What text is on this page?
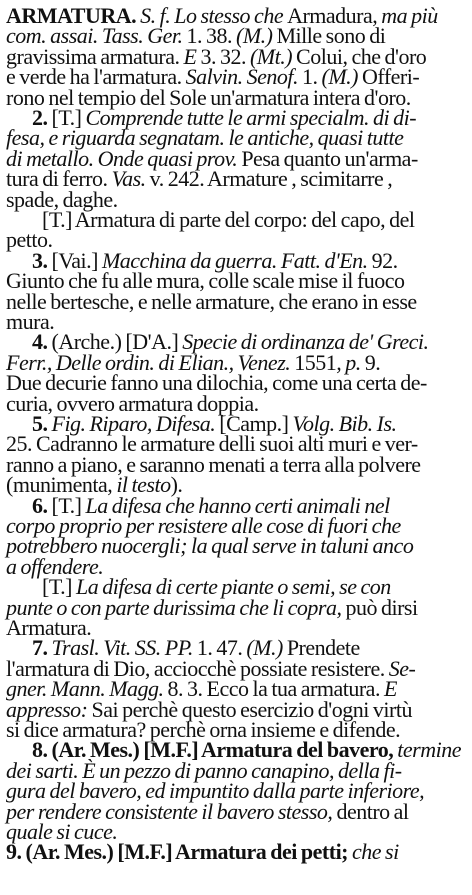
ARMATURA. S. f. Lo stesso che Armadura, ma più
com. assai. Tass. Ger. 1. 38. (M.) Mille sono di
gravissima armatura. E 3. 32. (Mt.) Colui, che d'oro
e verde ha l'armatura. Salvin. Senof. 1. (M.) Offeri-
rono nel tempio del Sole un'armatura intera d'oro.
2. [T.] Comprende tutte le armi specialm. di di-
fesa, e riguarda segnatam. le antiche, quasi tutte
di metallo. Onde quasi prov. Pesa quanto un'arma-
tura di ferro. Vas. v. 242. Armature , scimitarre ,
spade, daghe.
[T.] Armatura di parte del corpo: del capo, del
petto.
3. [Vai.] Macchina da guerra. Fatt. d'En. 92.
Giunto che fu alle mura, colle scale mise il fuoco
nelle bertesche, e nelle armature, che erano in esse
mura.
4. (Arche.) [D'A.] Specie di ordinanza de' Greci.
Ferr., Delle ordin. di Elian., Venez. 1551, p. 9.
Due decurie fanno una dilochia, come una certa de-
curia, ovvero armatura doppia.
5. Fig. Riparo, Difesa. [Camp.] Volg. Bib. Is.
25. Cadranno le armature delli suoi alti muri e ver-
ranno a piano, e saranno menati a terra alla polvere
(munimenta, il testo).
6. [T.] La difesa che hanno certi animali nel
corpo proprio per resistere alle cose di fuori che
potrebbero nuocergli; la qual serve in taluni anco
a offendere.
[T.] La difesa di certe piante o semi, se con
punte o con parte durissima che li copra, può dirsi
Armatura.
7. Trasl. Vit. SS. PP. 1. 47. (M.) Prendete
l'armatura di Dio, acciocchè possiate resistere. Se-
gner. Mann. Magg. 8. 3. Ecco la tua armatura. E
appresso: Sai perchè questo esercizio d'ogni virtù
si dice armatura? perchè orna insieme e difende.
8. (Ar. Mes.) [M.F.] Armatura del bavero, termine
dei sarti. È un pezzo di panno canapino, della fi-
gura del bavero, ed impuntito dalla parte inferiore,
per rendere consistente il bavero stesso, dentro al
quale si cuce.
9. (Ar. Mes.) [M.F.] Armatura dei petti; che si
